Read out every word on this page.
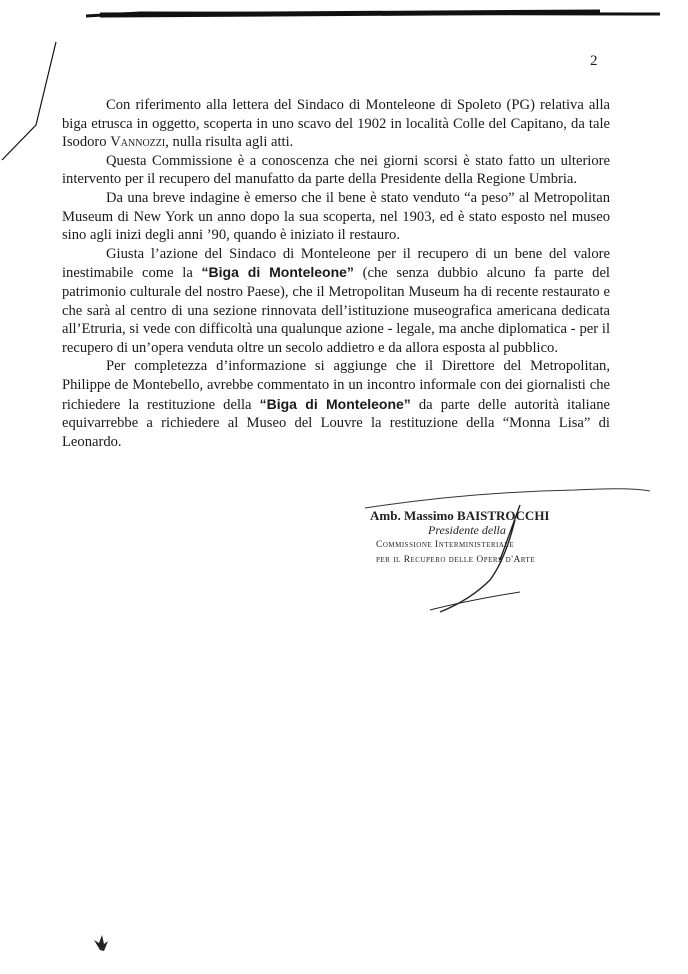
2

Con riferimento alla lettera del Sindaco di Monteleone di Spoleto (PG) relativa alla biga etrusca in oggetto, scoperta in uno scavo del 1902 in località Colle del Capitano, da tale Isodoro Vannozzi, nulla risulta agli atti.

Questa Commissione è a conoscenza che nei giorni scorsi è stato fatto un ulteriore intervento per il recupero del manufatto da parte della Presidente della Regione Umbria.

Da una breve indagine è emerso che il bene è stato venduto “a peso” al Metropolitan Museum di New York un anno dopo la sua scoperta, nel 1903, ed è stato esposto nel museo sino agli inizi degli anni ’90, quando è iniziato il restauro.

Giusta l’azione del Sindaco di Monteleone per il recupero di un bene del valore inestimabile come la “Biga di Monteleone” (che senza dubbio alcuno fa parte del patrimonio culturale del nostro Paese), che il Metropolitan Museum ha di recente restaurato e che sarà al centro di una sezione rinnovata dell’istituzione museografica americana dedicata all’Etruria, si vede con difficoltà una qualunque azione - legale, ma anche diplomatica - per il recupero di un’opera venduta oltre un secolo addietro e da allora esposta al pubblico.

Per completezza d’informazione si aggiunge che il Direttore del Metropolitan, Philippe de Montebello, avrebbe commentato in un incontro informale con dei giornalisti che richiedere la restituzione della “Biga di Monteleone” da parte delle autorità italiane equivarrebbe a richiedere al Museo del Louvre la restituzione della “Monna Lisa” di Leonardo.

Amb. Massimo BAISTROCCHI
Presidente della
Commissione Interministeriale
per il Recupero delle Opere d'Arte
